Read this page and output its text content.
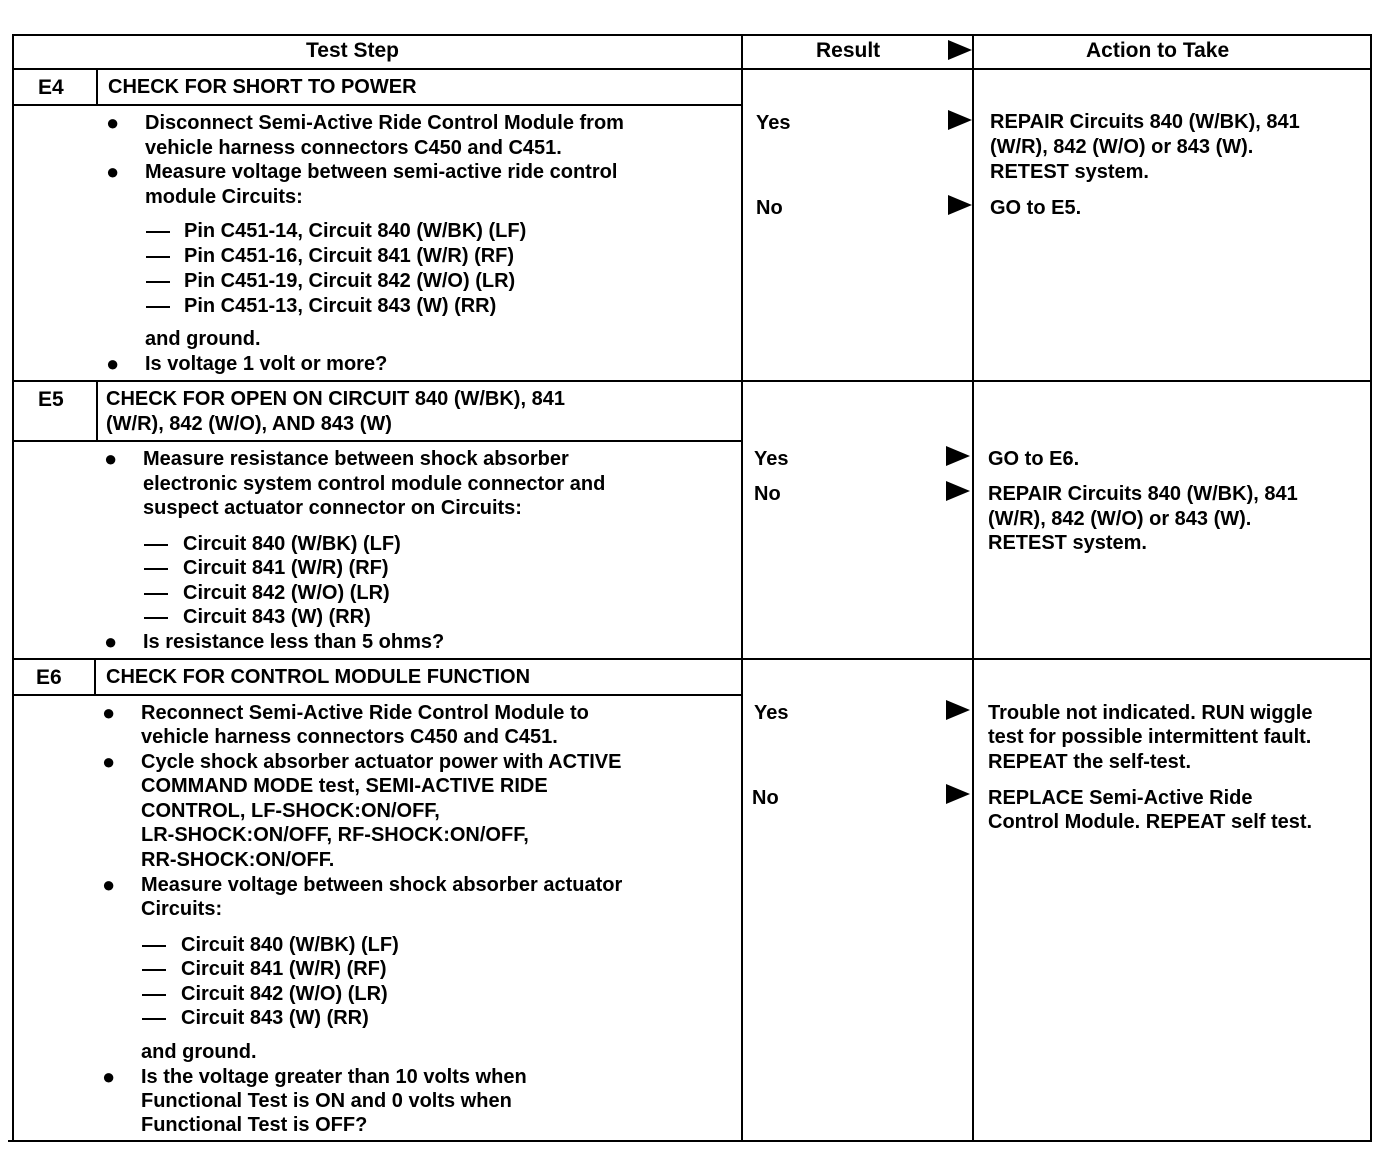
Test Step	Result	Action to Take
E4 CHECK FOR SHORT TO POWER
● Disconnect Semi-Active Ride Control Module from
vehicle harness connectors C450 and C451.
● Measure voltage between semi-active ride control
module Circuits:
Pin C451-14, Circuit 840 (W/BK) (LF)
Pin C451-16, Circuit 841 (W/R) (RF)
Pin C451-19, Circuit 842 (W/O) (LR)
Pin C451-13, Circuit 843 (W) (RR)
and ground.
● Is voltage 1 volt or more?
Yes	REPAIR Circuits 840 (W/BK), 841
(W/R), 842 (W/O) or 843 (W).
RETEST system.
No	GO to E5.
E5 CHECK FOR OPEN ON CIRCUIT 840 (W/BK), 841
(W/R), 842 (W/O), AND 843 (W)
● Measure resistance between shock absorber
electronic system control module connector and
suspect actuator connector on Circuits:
Circuit 840 (W/BK) (LF)
Circuit 841 (W/R) (RF)
Circuit 842 (W/O) (LR)
Circuit 843 (W) (RR)
● Is resistance less than 5 ohms?
Yes	GO to E6.
No	REPAIR Circuits 840 (W/BK), 841
(W/R), 842 (W/O) or 843 (W).
RETEST system.
E6 CHECK FOR CONTROL MODULE FUNCTION
● Reconnect Semi-Active Ride Control Module to
vehicle harness connectors C450 and C451.
● Cycle shock absorber actuator power with ACTIVE
COMMAND MODE test, SEMI-ACTIVE RIDE
CONTROL, LF-SHOCK:ON/OFF,
LR-SHOCK:ON/OFF, RF-SHOCK:ON/OFF,
RR-SHOCK:ON/OFF.
● Measure voltage between shock absorber actuator
Circuits:
Circuit 840 (W/BK) (LF)
Circuit 841 (W/R) (RF)
Circuit 842 (W/O) (LR)
Circuit 843 (W) (RR)
and ground.
● Is the voltage greater than 10 volts when
Functional Test is ON and 0 volts when
Functional Test is OFF?
Yes	Trouble not indicated. RUN wiggle
test for possible intermittent fault.
REPEAT the self-test.
No	REPLACE Semi-Active Ride
Control Module. REPEAT self test.
